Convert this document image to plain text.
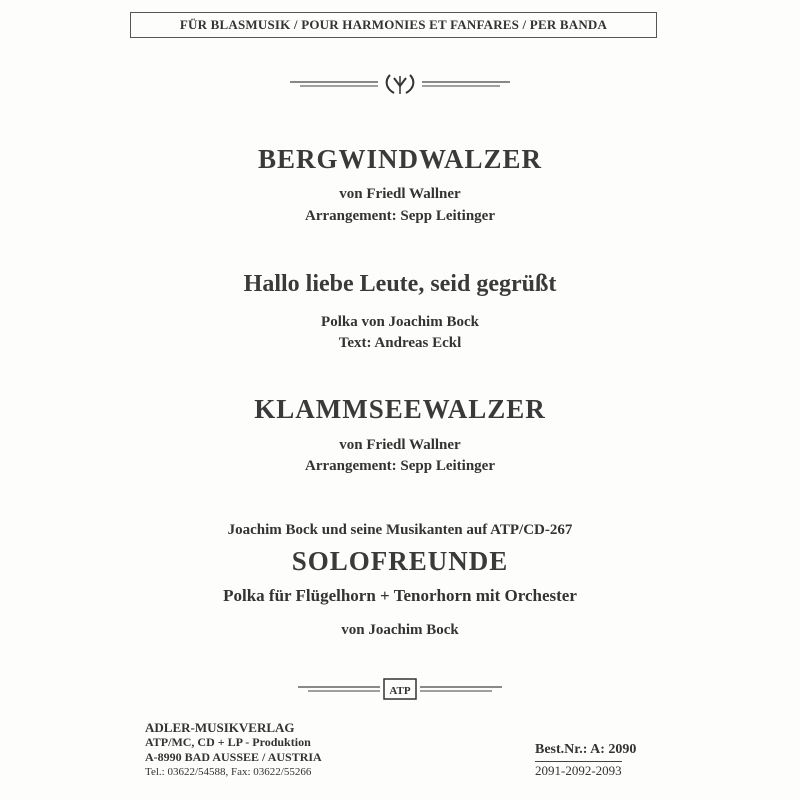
FÜR BLASMUSIK / POUR HARMONIES ET FANFARES / PER BANDA
BERGWINDWALZER
von Friedl Wallner
Arrangement: Sepp Leitinger
Hallo liebe Leute, seid gegrüßt
Polka von Joachim Bock
Text: Andreas Eckl
KLAMMSEEWALZER
von Friedl Wallner
Arrangement: Sepp Leitinger
Joachim Bock und seine Musikanten auf ATP/CD-267
SOLOFREUNDE
Polka für Flügelhorn + Tenorhorn mit Orchester
von Joachim Bock
ATP
ADLER-MUSIKVERLAG
ATP/MC, CD + LP - Produktion
A-8990 BAD AUSSEE / AUSTRIA
Tel.: 03622/54588, Fax: 03622/55266
Best.Nr.: A: 2090
2091-2092-2093
